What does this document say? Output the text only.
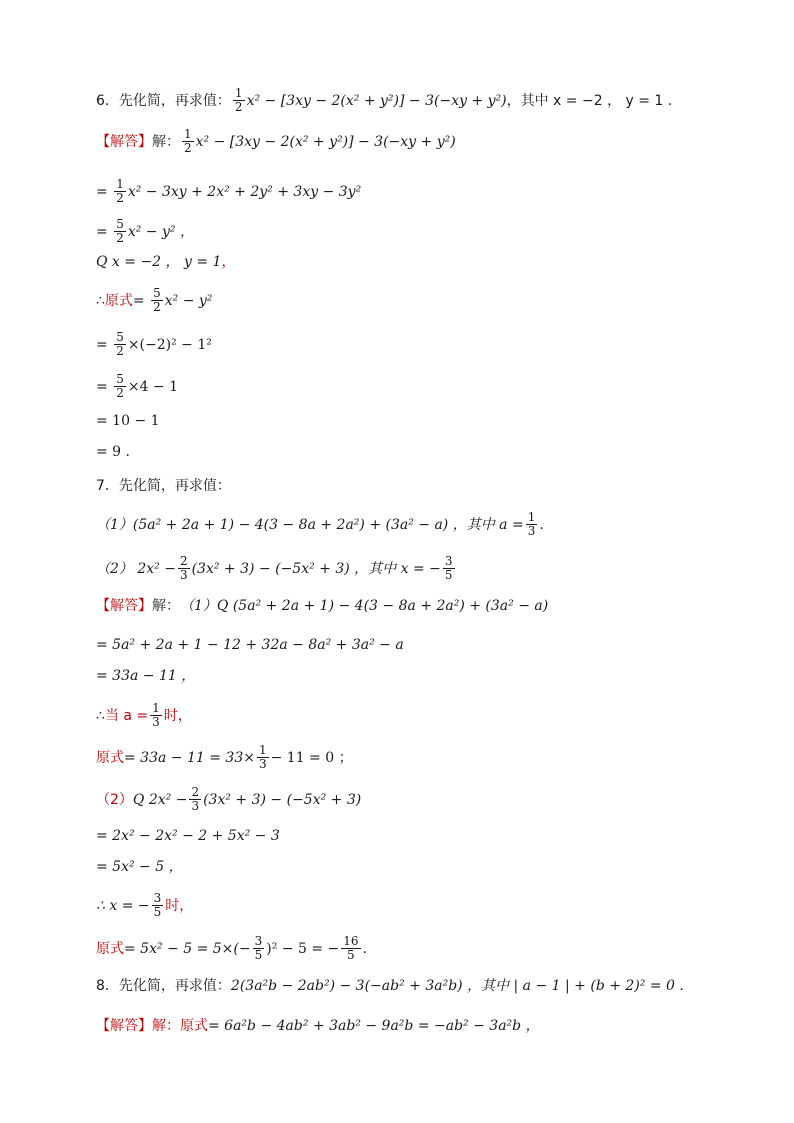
6．先化简，再求值： $\frac{1}{2} x^2 - [3xy - 2(x^2 + y^2)] - 3(-xy + y^2)$ ，其中 x = −2 ， y = 1 .
【解答】 解： $\frac{1}{2} x^2 - [3xy - 2(x^2 + y^2)] - 3(-xy + y^2)$
=
$\frac{1}{2} x^2 - 3xy + 2x^2 + 2y^2 + 3xy - 3y^2$
=
$\frac{5}{2} x^2 - y^2$ ，
Q x = −2 ， y = 1 ，
∴ 原式 =
$\frac{5}{2} x^2 - y^2$
=
$\frac{5}{2} \times(-2)^2 - 1^2$
=
$\frac{5}{2} \times 4 - 1$
= 10 − 1
= 9 .
7．先化简，再求值：
（1）(5a² + 2a + 1) − 4(3 − 8a + 2a²) + (3a² − a) ，其中 $a = \frac{1}{3}$ .
（2） $2x^2 - \frac{2}{3} (3x^2 + 3) - (-5x^2 + 3)$ ，其中 x = − $\frac{3}{5}$
【解答】 解： （1）Q (5a² + 2a + 1) − 4(3 − 8a + 2a²) + (3a² − a)
= 5a² + 2a + 1 − 12 + 32a − 8a² + 3a² − a
= 33a − 11 ，
∴ 当 $a = \frac{1}{3}$ 时，
原式 = $33a - 11 = 33\times \frac{1}{3} - 11 = 0$ ；
（2） Q $2x^2 - \frac{2}{3} (3x^2 + 3) - (-5x^2 + 3)$
= 2x² − 2x² − 2 + 5x² − 3
= 5x² − 5 ，
∴ x = − $\frac{3}{5}$ 时，
原式 = $5x^2 - 5 = 5\times(- \frac{3}{5} )^2 - 5$ = − $\frac{16}{5}$ .
8．先化简，再求值： 2(3a²b − 2ab²) − 3(−ab² + 3a²b) ，其中 | a − 1 | + (b + 2)² = 0 .
【解答】 解： 原式 = 6a²b − 4ab² + 3ab² − 9a²b = −ab² − 3a²b ，
